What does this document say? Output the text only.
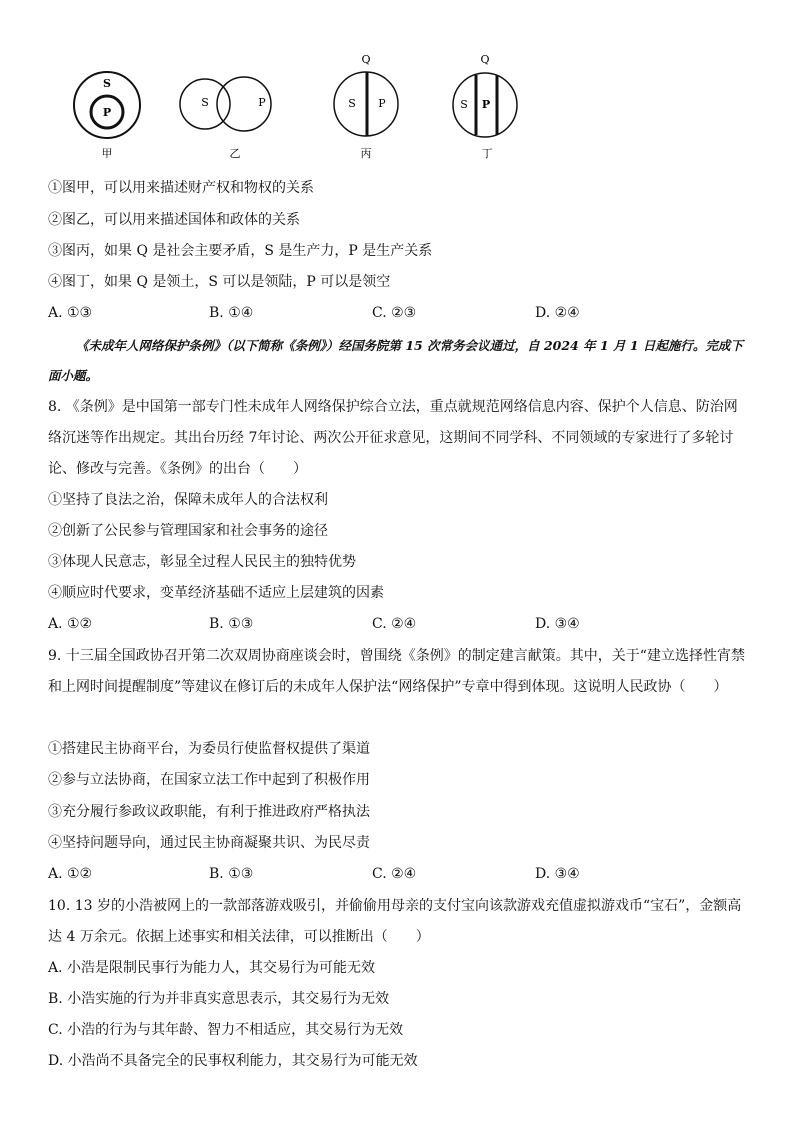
S
P
甲
S	P
乙
Q
S P
丙
Q
S P
丁
①图甲，可以用来描述财产权和物权的关系
②图乙，可以用来描述国体和政体的关系
③图丙，如果 Q 是社会主要矛盾，S 是生产力，P 是生产关系
④图丁，如果 Q 是领土，S 可以是领陆，P 可以是领空
A. ①③	B. ①④	C. ②③	D. ②④
《未成年人网络保护条例》（以下简称《条例》）经国务院第 15 次常务会议通过，自 2024 年 1 月 1 日起施行。完成下面小题。
8. 《条例》是中国第一部专门性未成年人网络保护综合立法，重点就规范网络信息内容、保护个人信息、防治网络沉迷等作出规定。其出台历经 7年讨论、两次公开征求意见，这期间不同学科、不同领域的专家进行了多轮讨论、修改与完善。《条例》的出台（　　）
①坚持了良法之治，保障未成年人的合法权利
②创新了公民参与管理国家和社会事务的途径
③体现人民意志，彰显全过程人民民主的独特优势
④顺应时代要求，变革经济基础不适应上层建筑的因素
A. ①②	B. ①③	C. ②④	D. ③④
9. 十三届全国政协召开第二次双周协商座谈会时，曾围绕《条例》的制定建言献策。其中，关于“建立选择性宵禁和上网时间提醒制度”等建议在修订后的未成年人保护法“网络保护”专章中得到体现。这说明人民政协（　　）
①搭建民主协商平台，为委员行使监督权提供了渠道
②参与立法协商，在国家立法工作中起到了积极作用
③充分履行参政议政职能，有利于推进政府严格执法
④坚持问题导向，通过民主协商凝聚共识、为民尽责
A. ①②	B. ①③	C. ②④	D. ③④
10. 13 岁的小浩被网上的一款部落游戏吸引，并偷偷用母亲的支付宝向该款游戏充值虚拟游戏币“宝石”，金额高达 4 万余元。依据上述事实和相关法律，可以推断出（　　）
A. 小浩是限制民事行为能力人，其交易行为可能无效
B. 小浩实施的行为并非真实意思表示，其交易行为无效
C. 小浩的行为与其年龄、智力不相适应，其交易行为无效
D. 小浩尚不具备完全的民事权利能力，其交易行为可能无效
